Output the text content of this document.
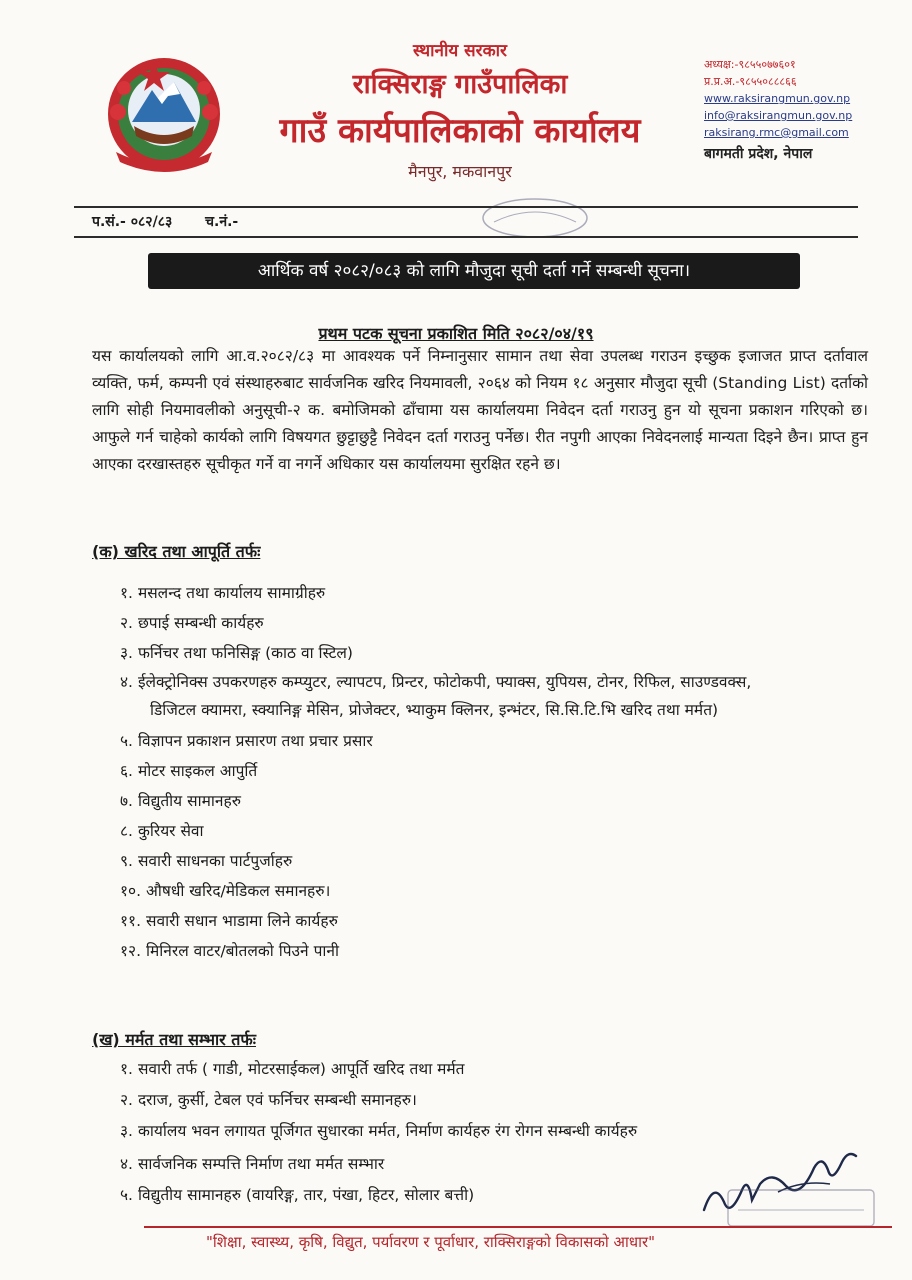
स्थानीय सरकार
राक्सिराङ्ग गाउँपालिका
गाउँ कार्यपालिकाको कार्यालय
मैनपुर, मकवानपुर
अध्यक्ष:-९८५५०७७६०१
प्र.प्र.अ.-९८५५०८८८६६
www.raksirangmun.gov.np
info@raksirangmun.gov.np
raksirang.rmc@gmail.com
बागमती प्रदेश, नेपाल
प.सं.- ०८२/८३ च.नं.-
आर्थिक वर्ष २०८२/०८३ को लागि मौजुदा सूची दर्ता गर्ने सम्बन्धी सूचना।
प्रथम पटक सूचना प्रकाशित मिति २०८२/०४/१९
यस कार्यालयको लागि आ.व.२०८२/८३ मा आवश्यक पर्ने निम्नानुसार सामान तथा सेवा उपलब्ध गराउन इच्छुक इजाजत प्राप्त दर्तावाल व्यक्ति, फर्म, कम्पनी एवं संस्थाहरुबाट सार्वजनिक खरिद नियमावली, २०६४ को नियम १८ अनुसार मौजुदा सूची (Standing List) दर्ताको लागि सोही नियमावलीको अनुसूची-२ क. बमोजिमको ढाँचामा यस कार्यालयमा निवेदन दर्ता गराउनु हुन यो सूचना प्रकाशन गरिएको छ। आफुले गर्न चाहेको कार्यको लागि विषयगत छुट्टाछुट्टै निवेदन दर्ता गराउनु पर्नेछ। रीत नपुगी आएका निवेदनलाई मान्यता दिइने छैन। प्राप्त हुन आएका दरखास्तहरु सूचीकृत गर्ने वा नगर्ने अधिकार यस कार्यालयमा सुरक्षित रहने छ।
(क) खरिद तथा आपूर्ति तर्फः
१. मसलन्द तथा कार्यालय सामाग्रीहरु
२. छपाई सम्बन्धी कार्यहरु
३. फर्निचर तथा फनिसिङ्ग (काठ वा स्टिल)
४. ईलेक्ट्रोनिक्स उपकरणहरु कम्प्युटर, ल्यापटप, प्रिन्टर, फोटोकपी, फ्याक्स, युपियस, टोनर, रिफिल, साउण्डवक्स,
डिजिटल क्यामरा, स्क्यानिङ्ग मेसिन, प्रोजेक्टर, भ्याकुम क्लिनर, इन्भंटर, सि.सि.टि.भि खरिद तथा मर्मत)
५. विज्ञापन प्रकाशन प्रसारण तथा प्रचार प्रसार
६. मोटर साइकल आपुर्ति
७. विद्युतीय सामानहरु
८. कुरियर सेवा
९. सवारी साधनका पार्टपुर्जाहरु
१०. औषधी खरिद/मेडिकल समानहरु।
११. सवारी सधान भाडामा लिने कार्यहरु
१२. मिनिरल वाटर/बोतलको पिउने पानी
(ख) मर्मत तथा सम्भार तर्फः
१. सवारी तर्फ ( गाडी, मोटरसाईकल) आपूर्ति खरिद तथा मर्मत
२. दराज, कुर्सी, टेबल एवं फर्निचर सम्बन्धी समानहरु।
३. कार्यालय भवन लगायत पूर्जिगत सुधारका मर्मत, निर्माण कार्यहरु रंग रोगन सम्बन्धी कार्यहरु
४. सार्वजनिक सम्पत्ति निर्माण तथा मर्मत सम्भार
५. विद्युतीय सामानहरु (वायरिङ्ग, तार, पंखा, हिटर, सोलार बत्ती)
"शिक्षा, स्वास्थ्य, कृषि, विद्युत, पर्यावरण र पूर्वाधार, राक्सिराङ्गको विकासको आधार"
